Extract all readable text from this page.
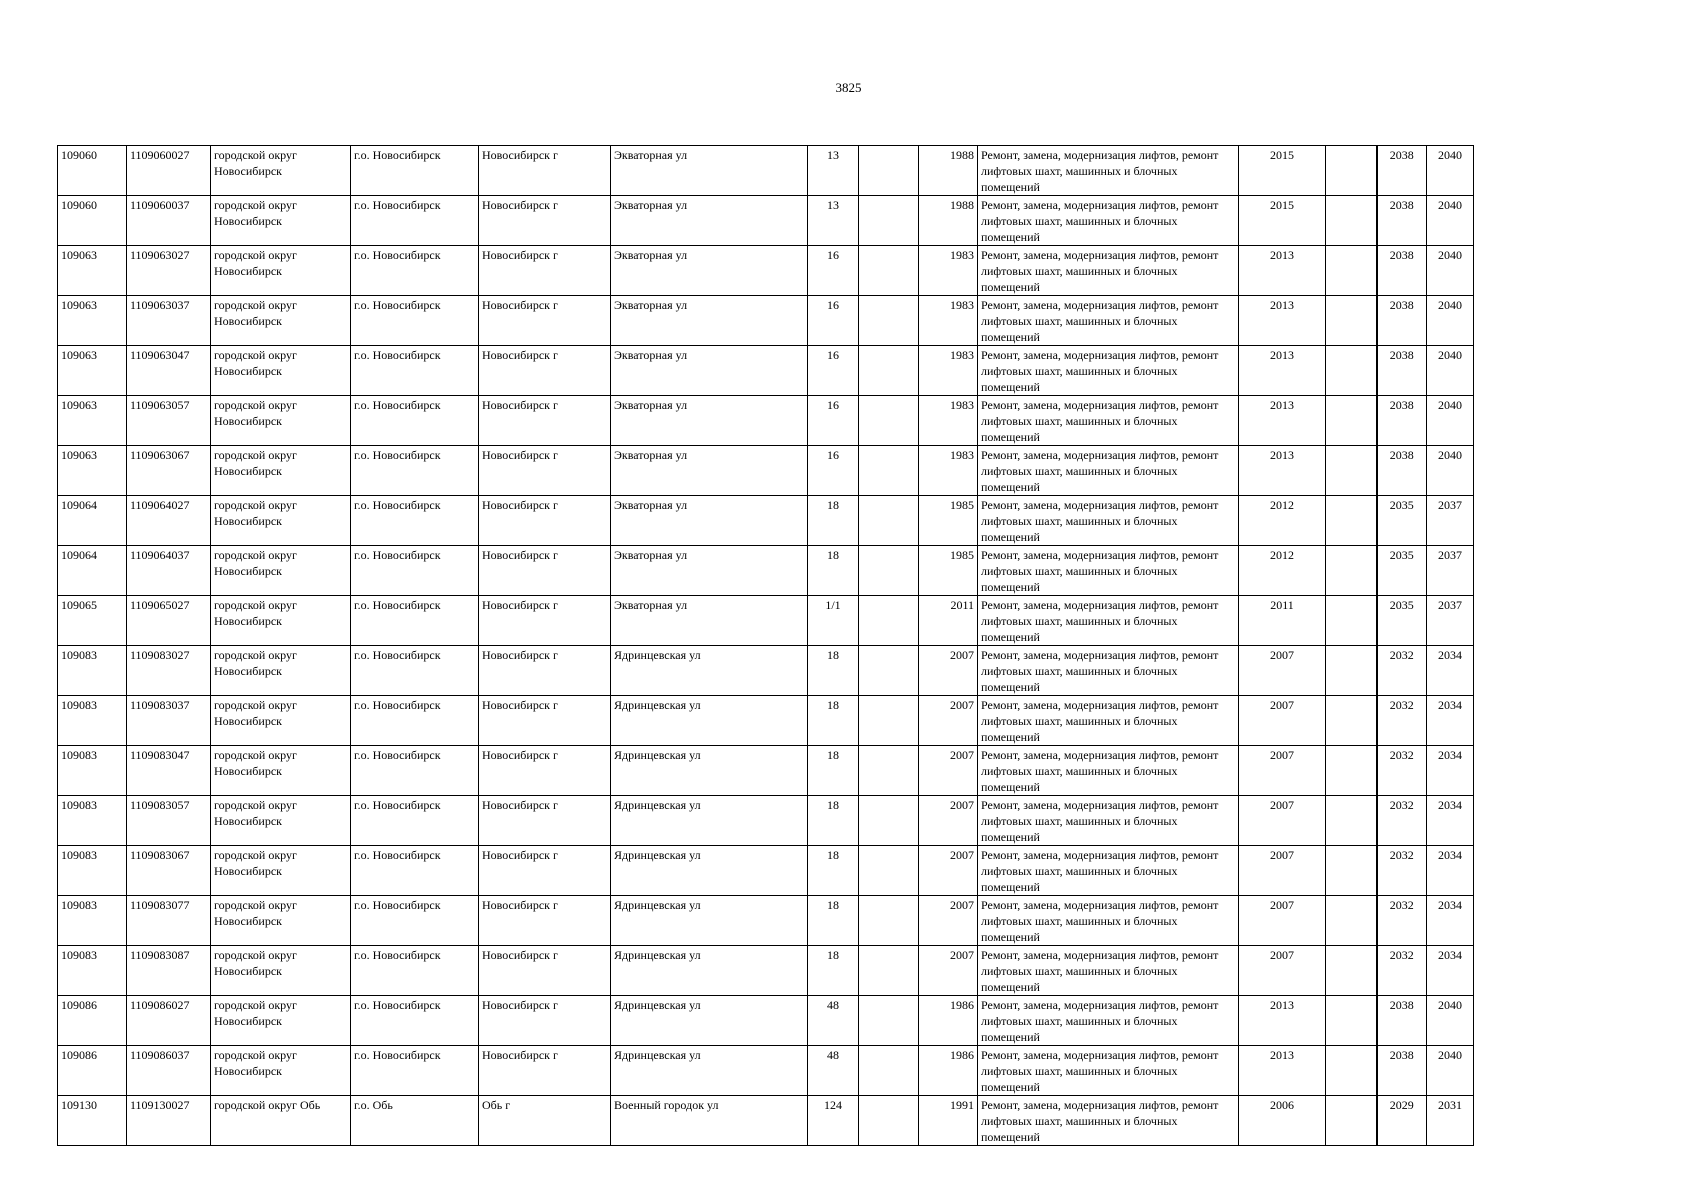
3825
109060	1109060027	городской округ Новосибирск	г.о. Новосибирск	Новосибирск г	Экваторная ул	13		1988	Ремонт, замена, модернизация лифтов, ремонт лифтовых шахт, машинных и блочных помещений	2015		2038	2040
109060	1109060037	городской округ Новосибирск	г.о. Новосибирск	Новосибирск г	Экваторная ул	13		1988	Ремонт, замена, модернизация лифтов, ремонт лифтовых шахт, машинных и блочных помещений	2015		2038	2040
109063	1109063027	городской округ Новосибирск	г.о. Новосибирск	Новосибирск г	Экваторная ул	16		1983	Ремонт, замена, модернизация лифтов, ремонт лифтовых шахт, машинных и блочных помещений	2013		2038	2040
109063	1109063037	городской округ Новосибирск	г.о. Новосибирск	Новосибирск г	Экваторная ул	16		1983	Ремонт, замена, модернизация лифтов, ремонт лифтовых шахт, машинных и блочных помещений	2013		2038	2040
109063	1109063047	городской округ Новосибирск	г.о. Новосибирск	Новосибирск г	Экваторная ул	16		1983	Ремонт, замена, модернизация лифтов, ремонт лифтовых шахт, машинных и блочных помещений	2013		2038	2040
109063	1109063057	городской округ Новосибирск	г.о. Новосибирск	Новосибирск г	Экваторная ул	16		1983	Ремонт, замена, модернизация лифтов, ремонт лифтовых шахт, машинных и блочных помещений	2013		2038	2040
109063	1109063067	городской округ Новосибирск	г.о. Новосибирск	Новосибирск г	Экваторная ул	16		1983	Ремонт, замена, модернизация лифтов, ремонт лифтовых шахт, машинных и блочных помещений	2013		2038	2040
109064	1109064027	городской округ Новосибирск	г.о. Новосибирск	Новосибирск г	Экваторная ул	18		1985	Ремонт, замена, модернизация лифтов, ремонт лифтовых шахт, машинных и блочных помещений	2012		2035	2037
109064	1109064037	городской округ Новосибирск	г.о. Новосибирск	Новосибирск г	Экваторная ул	18		1985	Ремонт, замена, модернизация лифтов, ремонт лифтовых шахт, машинных и блочных помещений	2012		2035	2037
109065	1109065027	городской округ Новосибирск	г.о. Новосибирск	Новосибирск г	Экваторная ул	1/1		2011	Ремонт, замена, модернизация лифтов, ремонт лифтовых шахт, машинных и блочных помещений	2011		2035	2037
109083	1109083027	городской округ Новосибирск	г.о. Новосибирск	Новосибирск г	Ядринцевская ул	18		2007	Ремонт, замена, модернизация лифтов, ремонт лифтовых шахт, машинных и блочных помещений	2007		2032	2034
109083	1109083037	городской округ Новосибирск	г.о. Новосибирск	Новосибирск г	Ядринцевская ул	18		2007	Ремонт, замена, модернизация лифтов, ремонт лифтовых шахт, машинных и блочных помещений	2007		2032	2034
109083	1109083047	городской округ Новосибирск	г.о. Новосибирск	Новосибирск г	Ядринцевская ул	18		2007	Ремонт, замена, модернизация лифтов, ремонт лифтовых шахт, машинных и блочных помещений	2007		2032	2034
109083	1109083057	городской округ Новосибирск	г.о. Новосибирск	Новосибирск г	Ядринцевская ул	18		2007	Ремонт, замена, модернизация лифтов, ремонт лифтовых шахт, машинных и блочных помещений	2007		2032	2034
109083	1109083067	городской округ Новосибирск	г.о. Новосибирск	Новосибирск г	Ядринцевская ул	18		2007	Ремонт, замена, модернизация лифтов, ремонт лифтовых шахт, машинных и блочных помещений	2007		2032	2034
109083	1109083077	городской округ Новосибирск	г.о. Новосибирск	Новосибирск г	Ядринцевская ул	18		2007	Ремонт, замена, модернизация лифтов, ремонт лифтовых шахт, машинных и блочных помещений	2007		2032	2034
109083	1109083087	городской округ Новосибирск	г.о. Новосибирск	Новосибирск г	Ядринцевская ул	18		2007	Ремонт, замена, модернизация лифтов, ремонт лифтовых шахт, машинных и блочных помещений	2007		2032	2034
109086	1109086027	городской округ Новосибирск	г.о. Новосибирск	Новосибирск г	Ядринцевская ул	48		1986	Ремонт, замена, модернизация лифтов, ремонт лифтовых шахт, машинных и блочных помещений	2013		2038	2040
109086	1109086037	городской округ Новосибирск	г.о. Новосибирск	Новосибирск г	Ядринцевская ул	48		1986	Ремонт, замена, модернизация лифтов, ремонт лифтовых шахт, машинных и блочных помещений	2013		2038	2040
109130	1109130027	городской округ Обь	г.о. Обь	Обь г	Военный городок ул	124		1991	Ремонт, замена, модернизация лифтов, ремонт лифтовых шахт, машинных и блочных помещений	2006		2029	2031
